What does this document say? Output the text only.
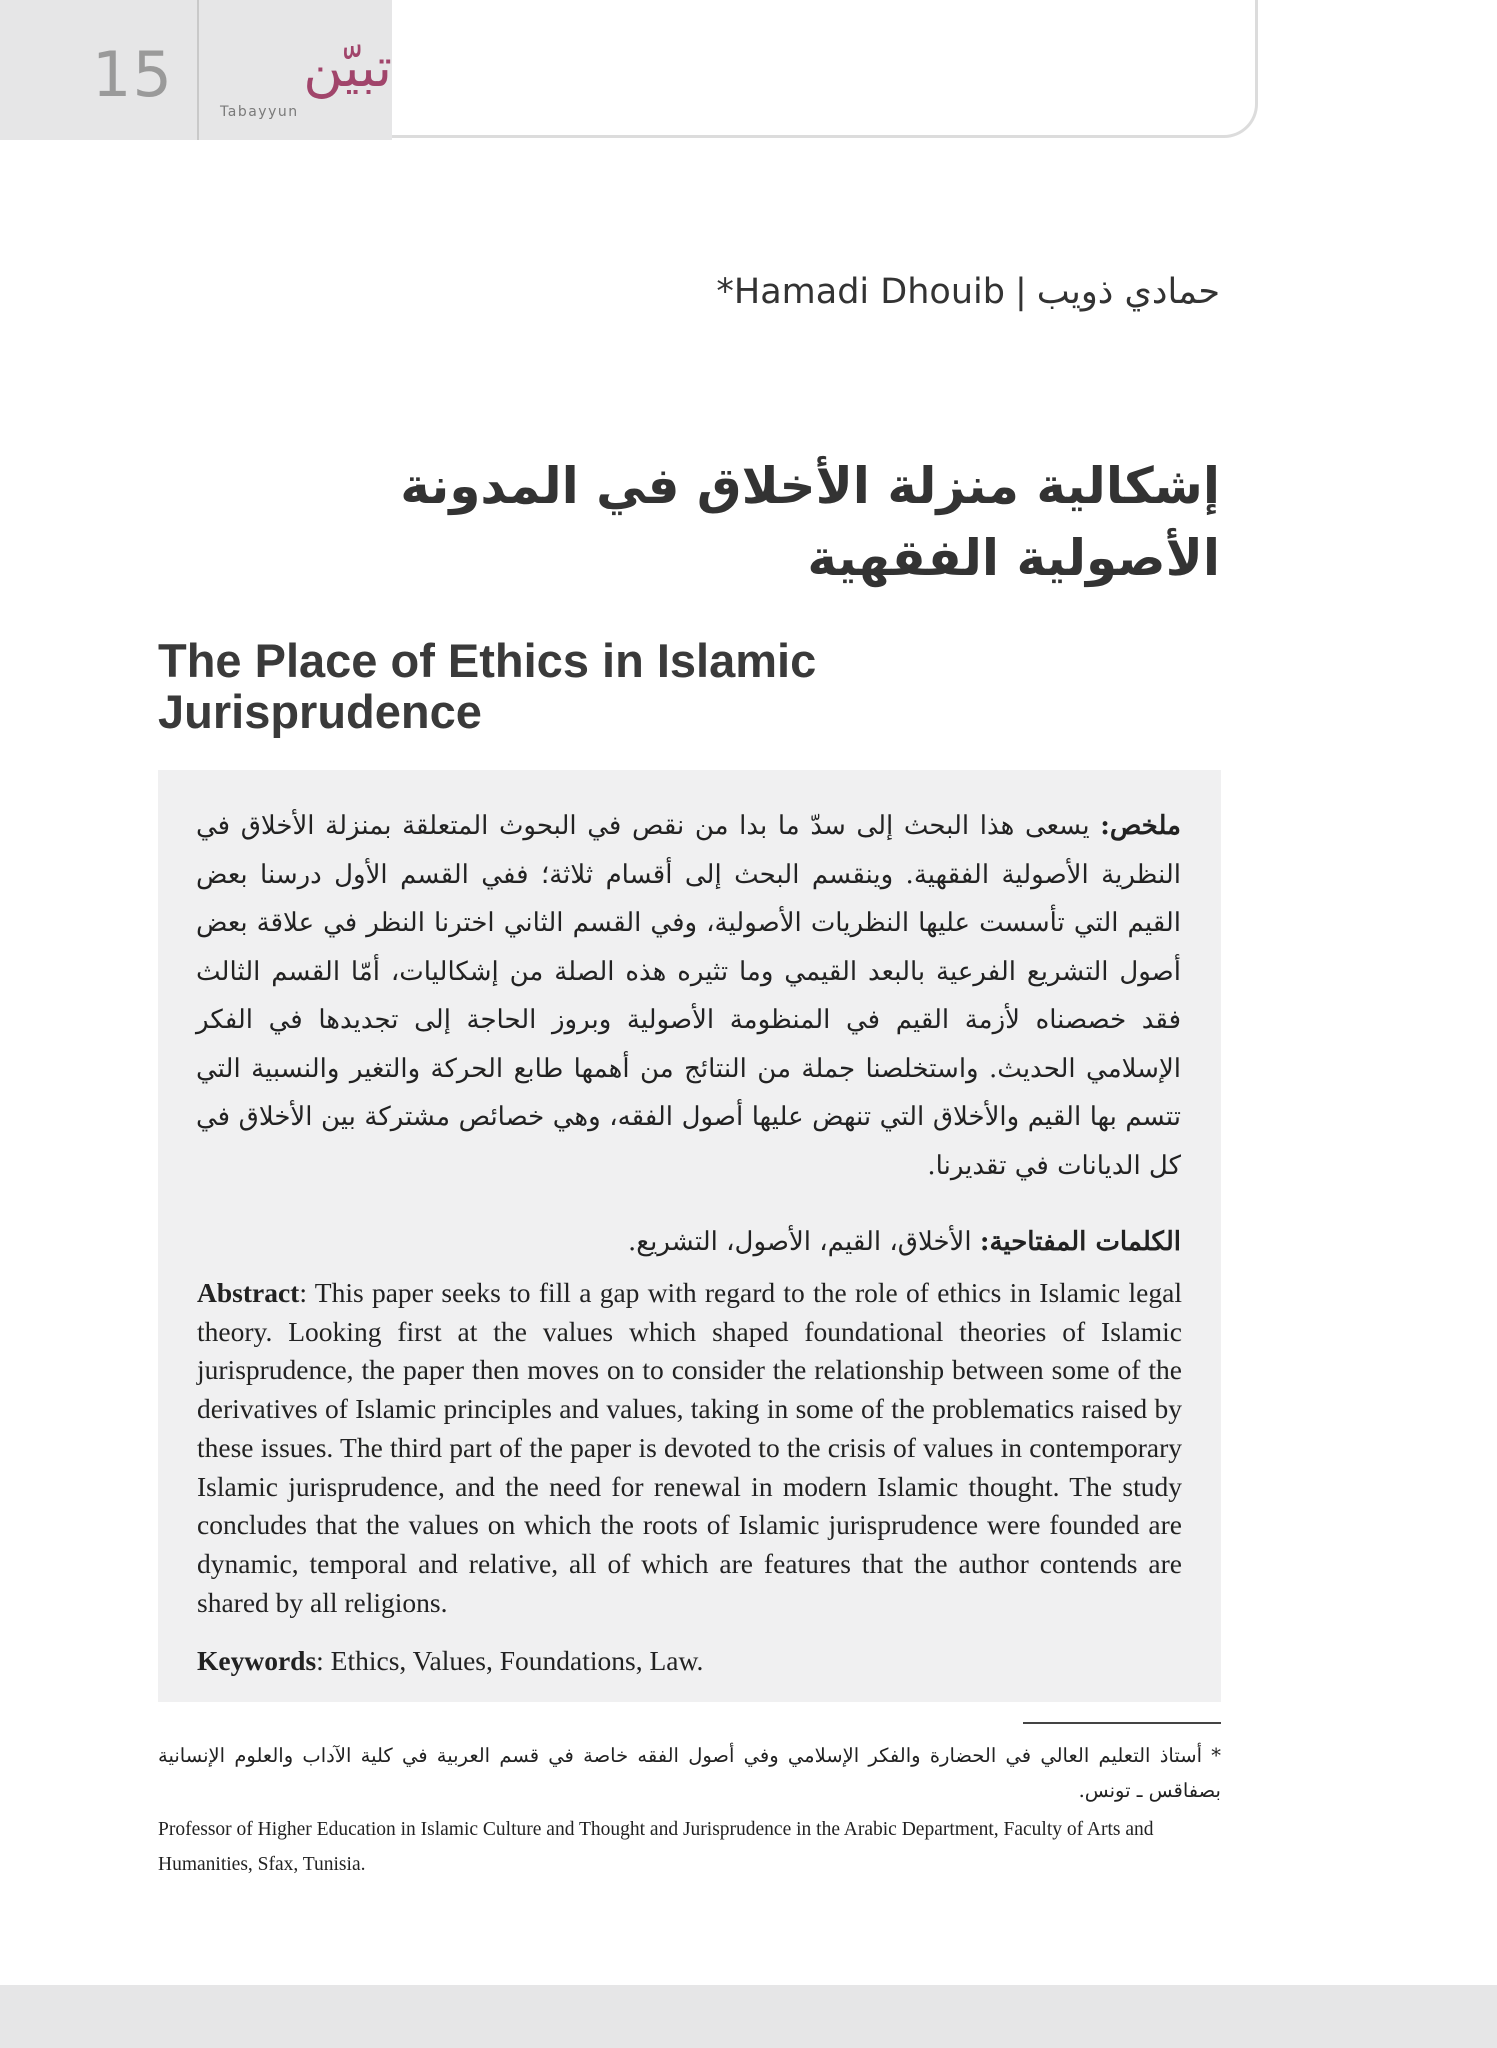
15 تبيّن
Tabayyun
*Hamadi Dhouib | حمادي ذويب
إشكالية منزلة الأخلاق في المدونة الأصولية الفقهية
The Place of Ethics in Islamic Jurisprudence
ملخص: يسعى هذا البحث إلى سدّ ما بدا من نقص في البحوث المتعلقة بمنزلة الأخلاق في النظرية الأصولية الفقهية. وينقسم البحث إلى أقسام ثلاثة؛ ففي القسم الأول درسنا بعض القيم التي تأسست عليها النظريات الأصولية، وفي القسم الثاني اخترنا النظر في علاقة بعض أصول التشريع الفرعية بالبعد القيمي وما تثيره هذه الصلة من إشكاليات، أمّا القسم الثالث فقد خصصناه لأزمة القيم في المنظومة الأصولية وبروز الحاجة إلى تجديدها في الفكر الإسلامي الحديث. واستخلصنا جملة من النتائج من أهمها طابع الحركة والتغير والنسبية التي تتسم بها القيم والأخلاق التي تنهض عليها أصول الفقه، وهي خصائص مشتركة بين الأخلاق في كل الديانات في تقديرنا.
الكلمات المفتاحية: الأخلاق، القيم، الأصول، التشريع.
Abstract: This paper seeks to fill a gap with regard to the role of ethics in Islamic legal theory. Looking first at the values which shaped foundational theories of Islamic jurisprudence, the paper then moves on to consider the relationship between some of the derivatives of Islamic principles and values, taking in some of the problematics raised by these issues. The third part of the paper is devoted to the crisis of values in contemporary Islamic jurisprudence, and the need for renewal in modern Islamic thought. The study concludes that the values on which the roots of Islamic jurisprudence were founded are dynamic, temporal and relative, all of which are features that the author contends are shared by all religions.
Keywords: Ethics, Values, Foundations, Law.
* أستاذ التعليم العالي في الحضارة والفكر الإسلامي وفي أصول الفقه خاصة في قسم العربية في كلية الآداب والعلوم الإنسانية بصفاقس ـ تونس.
Professor of Higher Education in Islamic Culture and Thought and Jurisprudence in the Arabic Department, Faculty of Arts and Humanities, Sfax, Tunisia.
